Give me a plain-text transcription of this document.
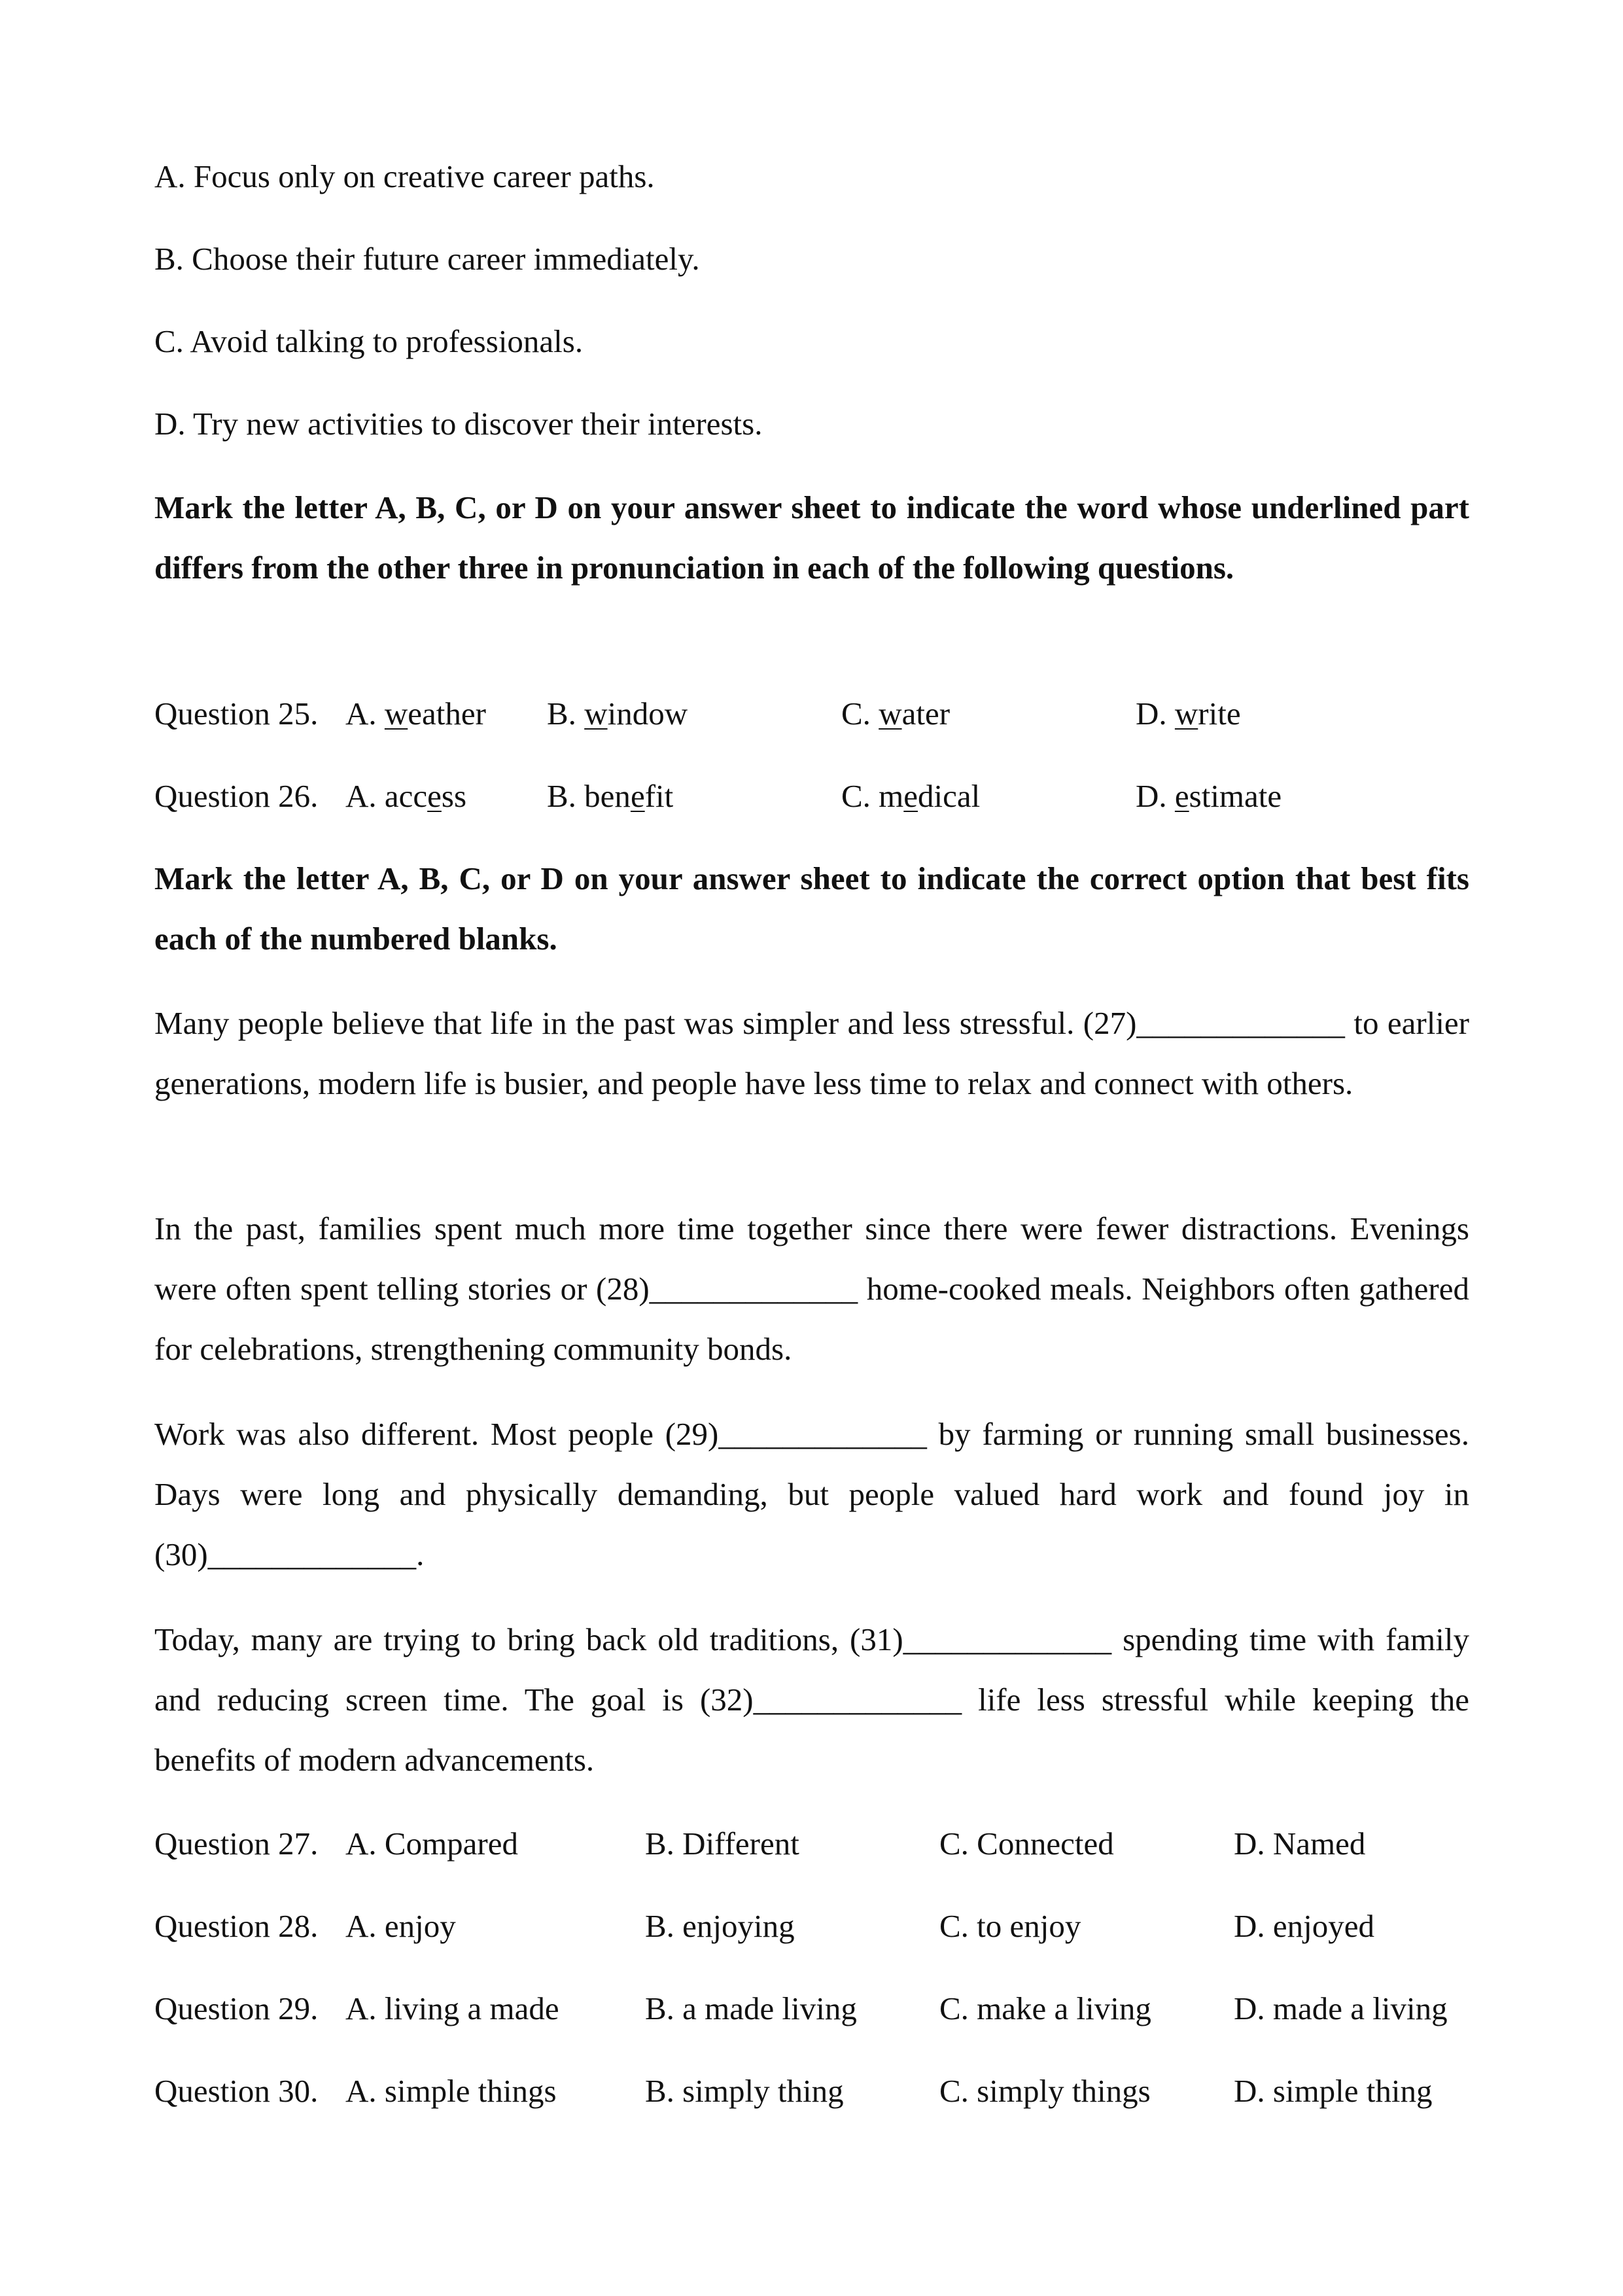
A. Focus only on creative career paths.
B. Choose their future career immediately.
C. Avoid talking to professionals.
D. Try new activities to discover their interests.
Mark the letter A, B, C, or D on your answer sheet to indicate the word whose underlined part differs from the other three in pronunciation in each of the following questions.
Question 25. A. weather B. window	C. water	D. write
Question 26. A. access	B. benefit	C. medical	D. estimate
Mark the letter A, B, C, or D on your answer sheet to indicate the correct option that best fits each of the numbered blanks.
Many people believe that life in the past was simpler and less stressful. (27)_____________ to earlier generations, modern life is busier, and people have less time to relax and connect with others.
In the past, families spent much more time together since there were fewer distractions. Evenings were often spent telling stories or (28)_____________ home-cooked meals. Neighbors often gathered for celebrations, strengthening community bonds.
Work was also different. Most people (29)_____________ by farming or running small businesses. Days were long and physically demanding, but people valued hard work and found joy in (30)_____________.
Today, many are trying to bring back old traditions, (31)_____________ spending time with family and reducing screen time. The goal is (32)_____________ life less stressful while keeping the benefits of modern advancements.
Question 27. A. Compared	B. Different	C. Connected	D. Named
Question 28. A. enjoy	B. enjoying	C. to enjoy	D. enjoyed
Question 29. A. living a made	B. a made living	C. make a living	D. made a living
Question 30. A. simple things	B. simply thing	C. simply things	D. simple thing
